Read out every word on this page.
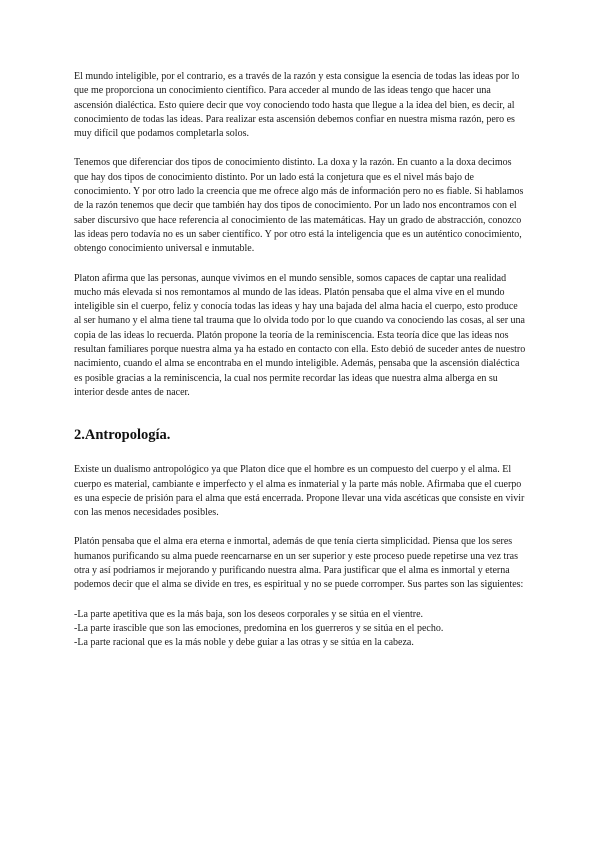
El mundo inteligible, por el contrario, es a través de la razón y esta consigue la esencia de todas las ideas por lo que me proporciona un conocimiento científico. Para acceder al mundo de las ideas tengo que hacer una ascensión dialéctica. Esto quiere decir que voy conociendo todo hasta que llegue a la idea del bien, es decir, al conocimiento de todas las ideas. Para realizar esta ascensión debemos confiar en nuestra misma razón, pero es muy difícil que podamos completarla solos.

Tenemos que diferenciar dos tipos de conocimiento distinto. La doxa y la razón. En cuanto a la doxa decimos que hay dos tipos de conocimiento distinto. Por un lado está la conjetura que es el nivel más bajo de conocimiento. Y por otro lado la creencia que me ofrece algo más de información pero no es fiable. Si hablamos de la razón tenemos que decir que también hay dos tipos de conocimiento. Por un lado nos encontramos con el saber discursivo que hace referencia al conocimiento de las matemáticas. Hay un grado de abstracción, conozco las ideas pero todavía no es un saber científico. Y por otro está la inteligencia que es un auténtico conocimiento, obtengo conocimiento universal e inmutable.

Platon afirma que las personas, aunque vivimos en el mundo sensible, somos capaces de captar una realidad mucho más elevada si nos remontamos al mundo de las ideas. Platón pensaba que el alma vive en el mundo inteligible sin el cuerpo, feliz y conocía todas las ideas y hay una bajada del alma hacia el cuerpo, esto produce al ser humano y el alma tiene tal trauma que lo olvida todo por lo que cuando va conociendo las cosas, al ser una copia de las ideas lo recuerda. Platón propone la teoría de la reminiscencia. Esta teoría dice que las ideas nos resultan familiares porque nuestra alma ya ha estado en contacto con ella. Esto debió de suceder antes de nuestro nacimiento, cuando el alma se encontraba en el mundo inteligible. Además, pensaba que la ascensión dialéctica es posible gracias a la reminiscencia, la cual nos permite recordar las ideas que nuestra alma alberga en su interior desde antes de nacer.

2.Antropología.

Existe un dualismo antropológico ya que Platon dice que el hombre es un compuesto del cuerpo y el alma. El cuerpo es material, cambiante e imperfecto y el alma es inmaterial y la parte más noble. Afirmaba que el cuerpo es una especie de prisión para el alma que está encerrada. Propone llevar una vida ascéticas que consiste en vivir con las menos necesidades posibles.

Platón pensaba que el alma era eterna e inmortal, además de que tenía cierta simplicidad. Piensa que los seres humanos purificando su alma puede reencarnarse en un ser superior y este proceso puede repetirse una vez tras otra y así podriamos ir mejorando y purificando nuestra alma. Para justificar que el alma es inmortal y eterna podemos decir que el alma se divide en tres, es espiritual y no se puede corromper. Sus partes son las siguientes:

-La parte apetitiva que es la más baja, son los deseos corporales y se sitúa en el vientre.
-La parte irascible que son las emociones, predomina en los guerreros y se sitúa en el pecho.
-La parte racional que es la más noble y debe guiar a las otras y se sitúa en la cabeza.
